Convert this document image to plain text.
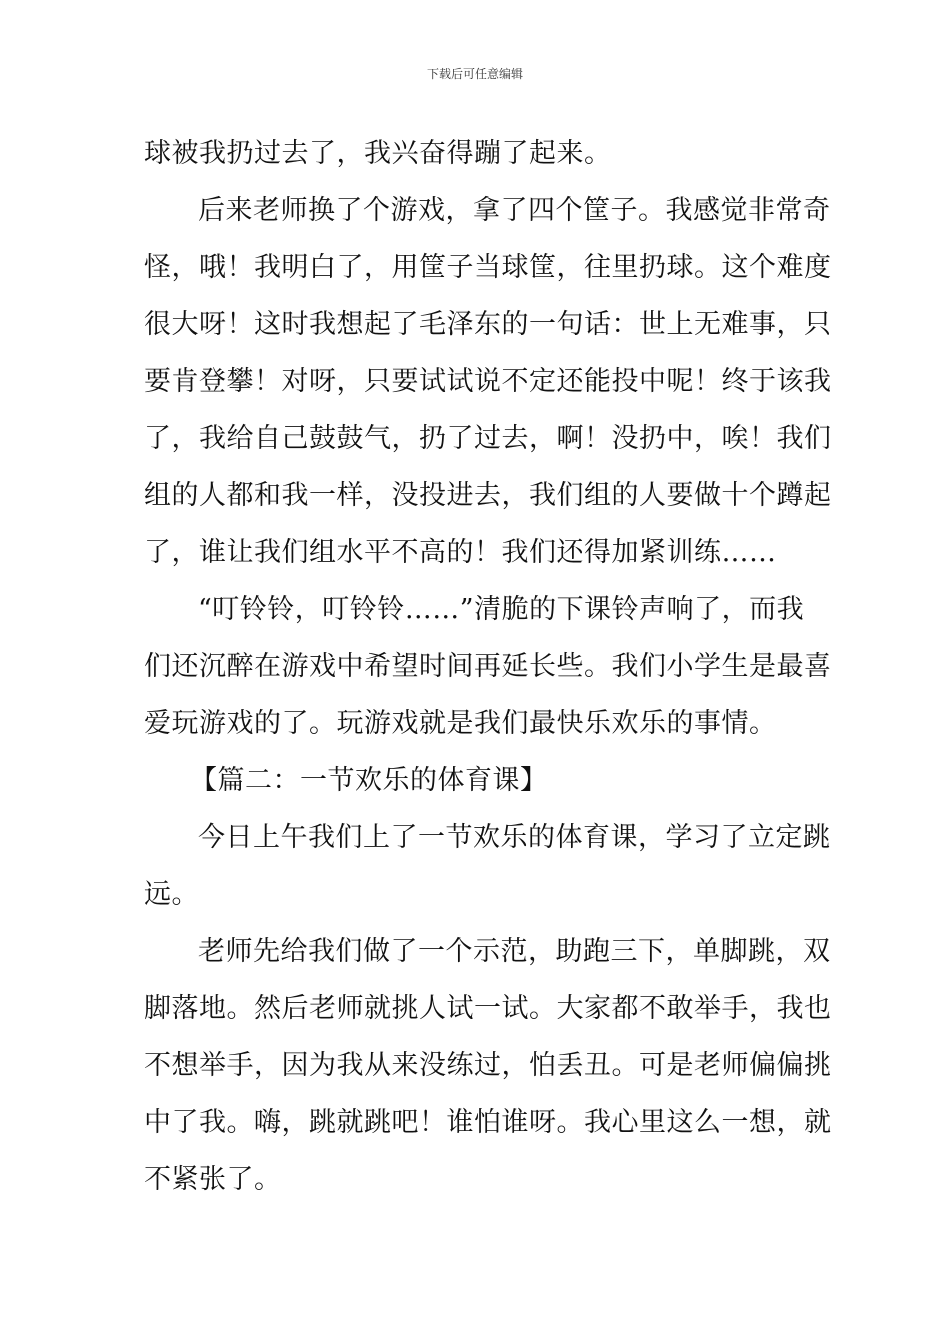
下载后可任意编辑
球被我扔过去了，我兴奋得蹦了起来。
后来老师换了个游戏，拿了四个筐子。我感觉非常奇
怪，哦！我明白了，用筐子当球筐，往里扔球。这个难度
很大呀！这时我想起了毛泽东的一句话：世上无难事，只
要肯登攀！对呀，只要试试说不定还能投中呢！终于该我
了，我给自己鼓鼓气，扔了过去，啊！没扔中，唉！我们
组的人都和我一样，没投进去，我们组的人要做十个蹲起
了，谁让我们组水平不高的！我们还得加紧训练……
“叮铃铃，叮铃铃……”清脆的下课铃声响了，而我
们还沉醉在游戏中希望时间再延长些。我们小学生是最喜
爱玩游戏的了。玩游戏就是我们最快乐欢乐的事情。
【篇二：一节欢乐的体育课】
今日上午我们上了一节欢乐的体育课，学习了立定跳
远。
老师先给我们做了一个示范，助跑三下，单脚跳，双
脚落地。然后老师就挑人试一试。大家都不敢举手，我也
不想举手，因为我从来没练过，怕丢丑。可是老师偏偏挑
中了我。嗨，跳就跳吧！谁怕谁呀。我心里这么一想，就
不紧张了。
